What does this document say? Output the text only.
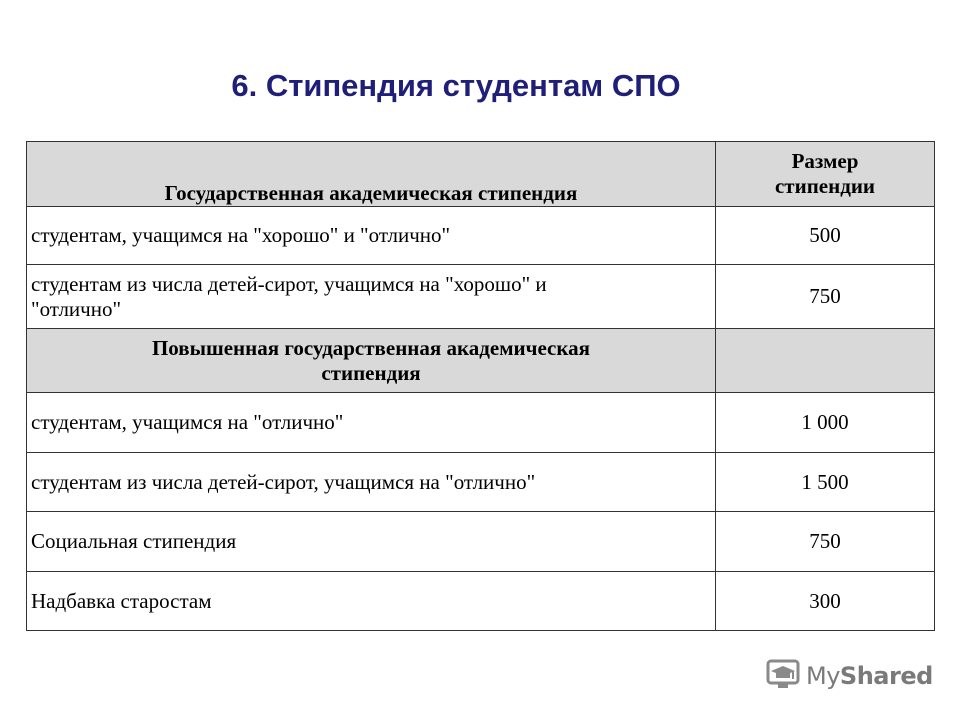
6. Стипендия студентам СПО
Государственная академическая стипендия	Размер
стипендии
студентам, учащимся на "хорошо" и "отлично"	500
студентам из числа детей-сирот, учащимся на "хорошо" и
"отлично"	750
Повышенная государственная академическая
стипендия	
студентам, учащимся на "отлично"	1 000
студентам из числа детей-сирот, учащимся на "отлично"	1 500
Социальная стипендия	750
Надбавка старостам	300
MyShared
